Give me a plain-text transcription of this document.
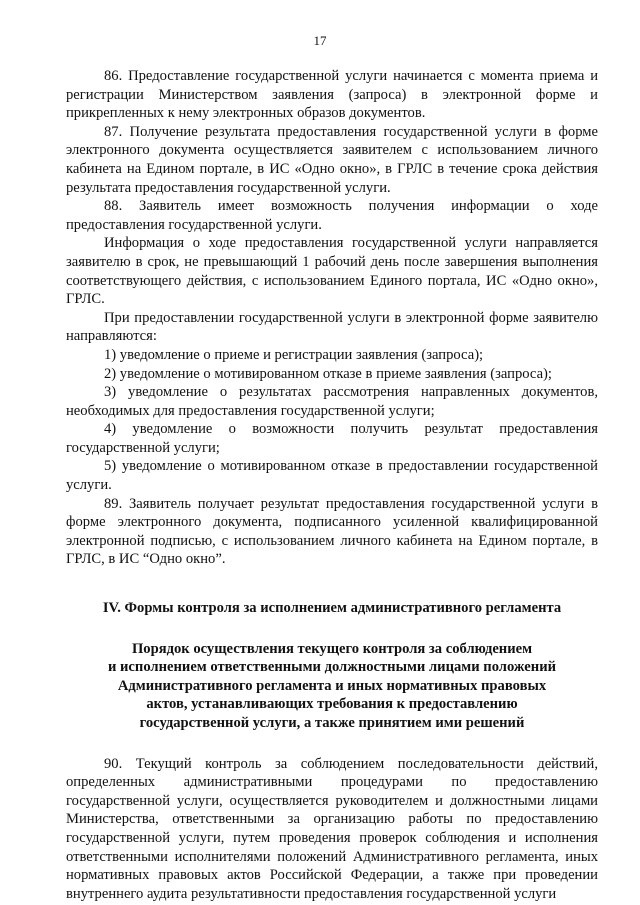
17

86. Предоставление государственной услуги начинается с момента приема и регистрации Министерством заявления (запроса) в электронной форме и прикрепленных к нему электронных образов документов.

87. Получение результата предоставления государственной услуги в форме электронного документа осуществляется заявителем с использованием личного кабинета на Едином портале, в ИС «Одно окно», в ГРЛС в течение срока действия результата предоставления государственной услуги.

88. Заявитель имеет возможность получения информации о ходе предоставления государственной услуги.

Информация о ходе предоставления государственной услуги направляется заявителю в срок, не превышающий 1 рабочий день после завершения выполнения соответствующего действия, с использованием Единого портала, ИС «Одно окно», ГРЛС.

При предоставлении государственной услуги в электронной форме заявителю направляются:

1) уведомление о приеме и регистрации заявления (запроса);

2) уведомление о мотивированном отказе в приеме заявления (запроса);

3) уведомление о результатах рассмотрения направленных документов, необходимых для предоставления государственной услуги;

4) уведомление о возможности получить результат предоставления государственной услуги;

5) уведомление о мотивированном отказе в предоставлении государственной услуги.

89. Заявитель получает результат предоставления государственной услуги в форме электронного документа, подписанного усиленной квалифицированной электронной подписью, с использованием личного кабинета на Едином портале, в ГРЛС, в ИС “Одно окно”.

IV. Формы контроля за исполнением административного регламента

Порядок осуществления текущего контроля за соблюдением
и исполнением ответственными должностными лицами положений
Административного регламента и иных нормативных правовых
актов, устанавливающих требования к предоставлению
государственной услуги, а также принятием ими решений

90. Текущий контроль за соблюдением последовательности действий, определенных административными процедурами по предоставлению государственной услуги, осуществляется руководителем и должностными лицами Министерства, ответственными за организацию работы по предоставлению государственной услуги, путем проведения проверок соблюдения и исполнения ответственными исполнителями положений Административного регламента, иных нормативных правовых актов Российской Федерации, а также при проведении внутреннего аудита результативности предоставления государственной услуги
